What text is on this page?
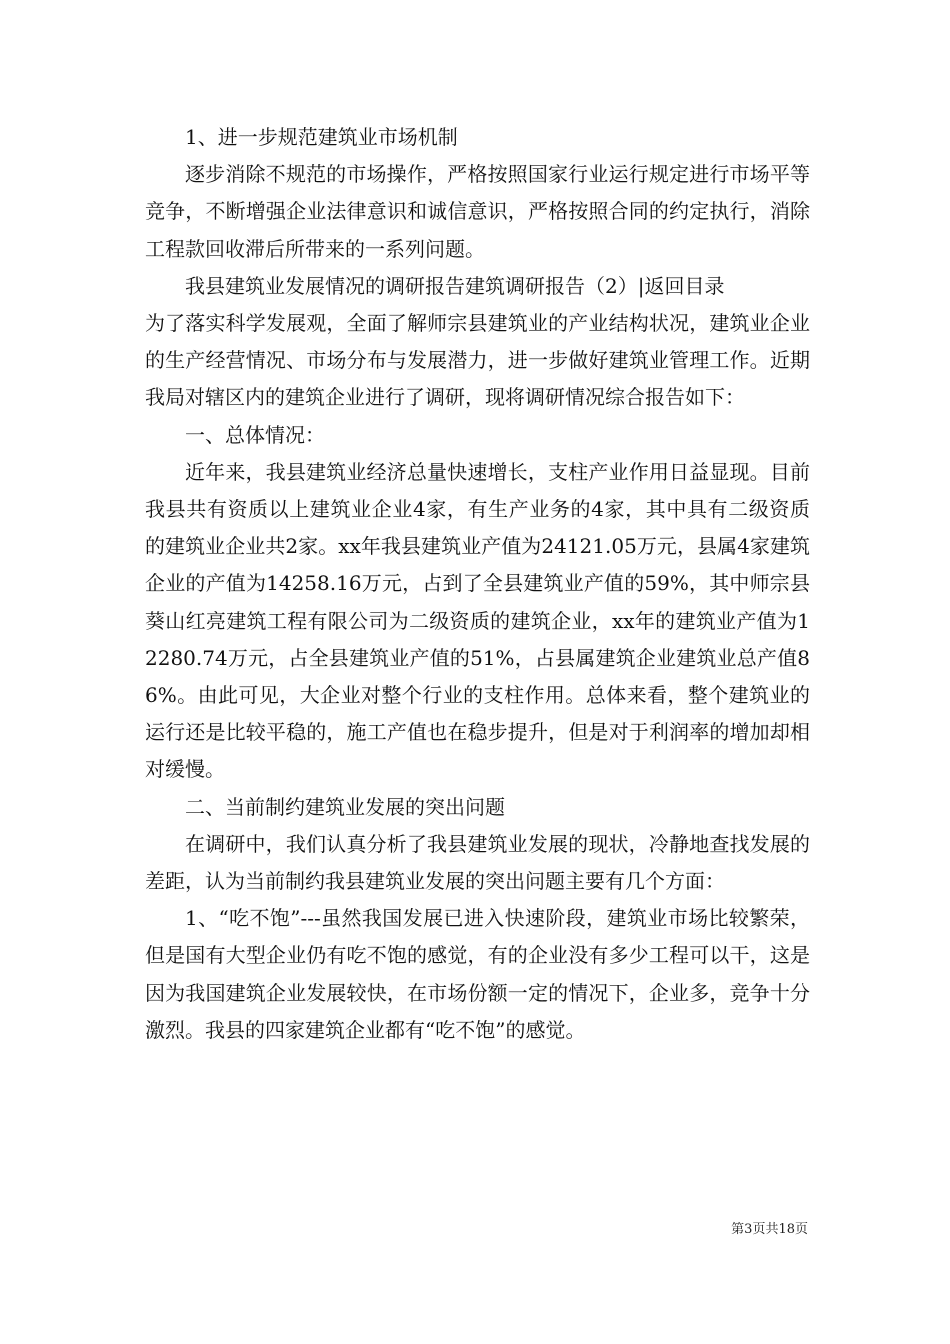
1、进一步规范建筑业市场机制

逐步消除不规范的市场操作，严格按照国家行业运行规定进行市场平等竞争，不断增强企业法律意识和诚信意识，严格按照合同的约定执行，消除工程款回收滞后所带来的一系列问题。

我县建筑业发展情况的调研报告建筑调研报告（2）|返回目录

为了落实科学发展观，全面了解师宗县建筑业的产业结构状况，建筑业企业的生产经营情况、市场分布与发展潜力，进一步做好建筑业管理工作。近期我局对辖区内的建筑企业进行了调研，现将调研情况综合报告如下：

一、总体情况：

近年来，我县建筑业经济总量快速增长，支柱产业作用日益显现。目前我县共有资质以上建筑业企业4家，有生产业务的4家，其中具有二级资质的建筑业企业共2家。xx年我县建筑业产值为24121.05万元，县属4家建筑企业的产值为14258.16万元，占到了全县建筑业产值的59%，其中师宗县葵山红亮建筑工程有限公司为二级资质的建筑企业，xx年的建筑业产值为12280.74万元，占全县建筑业产值的51%，占县属建筑企业建筑业总产值86%。由此可见，大企业对整个行业的支柱作用。总体来看，整个建筑业的运行还是比较平稳的，施工产值也在稳步提升，但是对于利润率的增加却相对缓慢。

二、当前制约建筑业发展的突出问题

在调研中，我们认真分析了我县建筑业发展的现状，冷静地查找发展的差距，认为当前制约我县建筑业发展的突出问题主要有几个方面：

1、“吃不饱”---虽然我国发展已进入快速阶段，建筑业市场比较繁荣，但是国有大型企业仍有吃不饱的感觉，有的企业没有多少工程可以干，这是因为我国建筑企业发展较快，在市场份额一定的情况下，企业多，竞争十分激烈。我县的四家建筑企业都有“吃不饱”的感觉。

第3页共18页
